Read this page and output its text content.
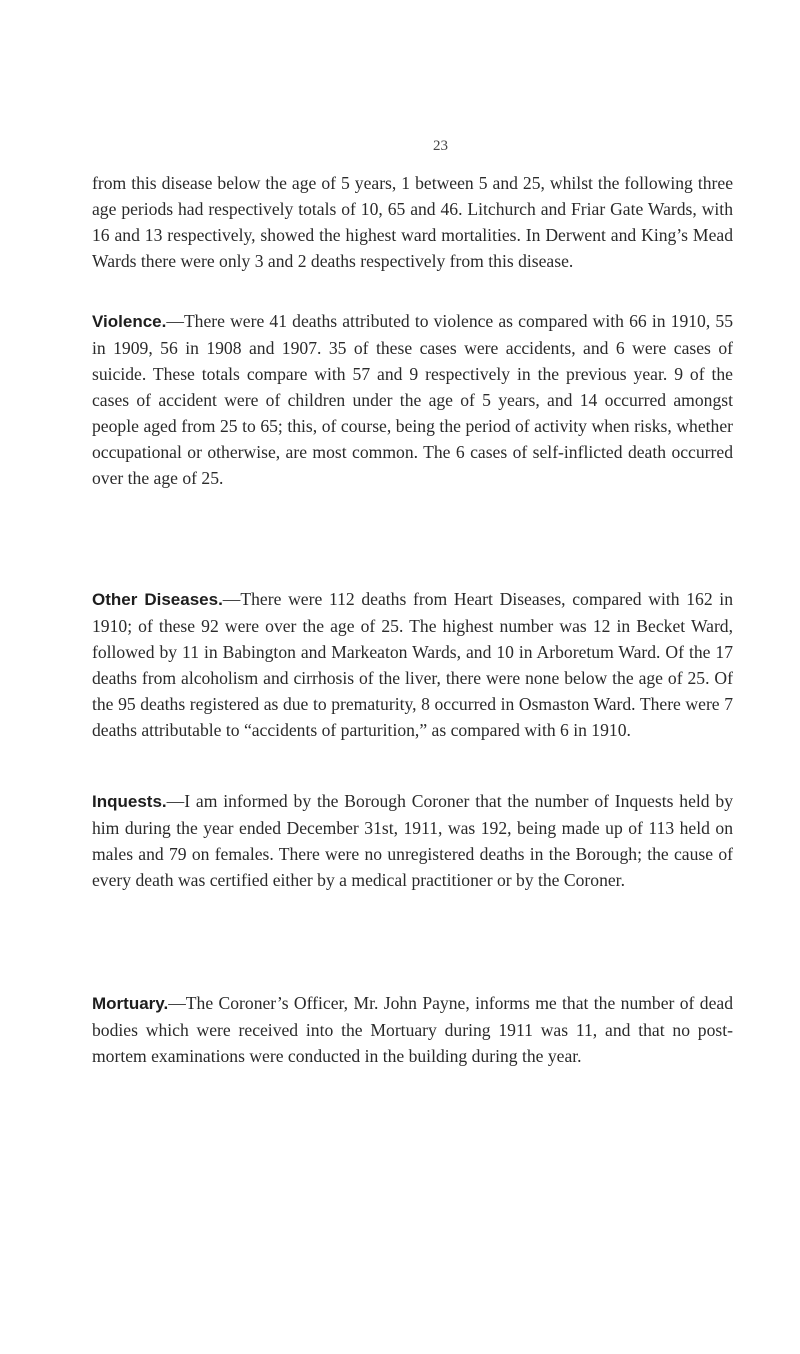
23

from this disease below the age of 5 years, 1 between 5 and 25, whilst the following three age periods had respectively totals of 10, 65 and 46. Litchurch and Friar Gate Wards, with 16 and 13 respectively, showed the highest ward mortalities. In Derwent and King’s Mead Wards there were only 3 and 2 deaths respectively from this disease.

Violence.—There were 41 deaths attributed to violence as compared with 66 in 1910, 55 in 1909, 56 in 1908 and 1907. 35 of these cases were accidents, and 6 were cases of suicide. These totals compare with 57 and 9 respectively in the previous year. 9 of the cases of accident were of children under the age of 5 years, and 14 occurred amongst people aged from 25 to 65; this, of course, being the period of activity when risks, whether occupational or otherwise, are most common. The 6 cases of self-inflicted death occurred over the age of 25.

Other Diseases.—There were 112 deaths from Heart Diseases, compared with 162 in 1910; of these 92 were over the age of 25. The highest number was 12 in Becket Ward, followed by 11 in Babington and Markeaton Wards, and 10 in Arboretum Ward. Of the 17 deaths from alcoholism and cirrhosis of the liver, there were none below the age of 25. Of the 95 deaths registered as due to prematurity, 8 occurred in Osmaston Ward. There were 7 deaths attributable to “accidents of parturition,” as compared with 6 in 1910.

Inquests.—I am informed by the Borough Coroner that the number of Inquests held by him during the year ended December 31st, 1911, was 192, being made up of 113 held on males and 79 on females. There were no unregistered deaths in the Borough; the cause of every death was certified either by a medical practitioner or by the Coroner.

Mortuary.—The Coroner’s Officer, Mr. John Payne, informs me that the number of dead bodies which were received into the Mortuary during 1911 was 11, and that no post-mortem examinations were conducted in the building during the year.
